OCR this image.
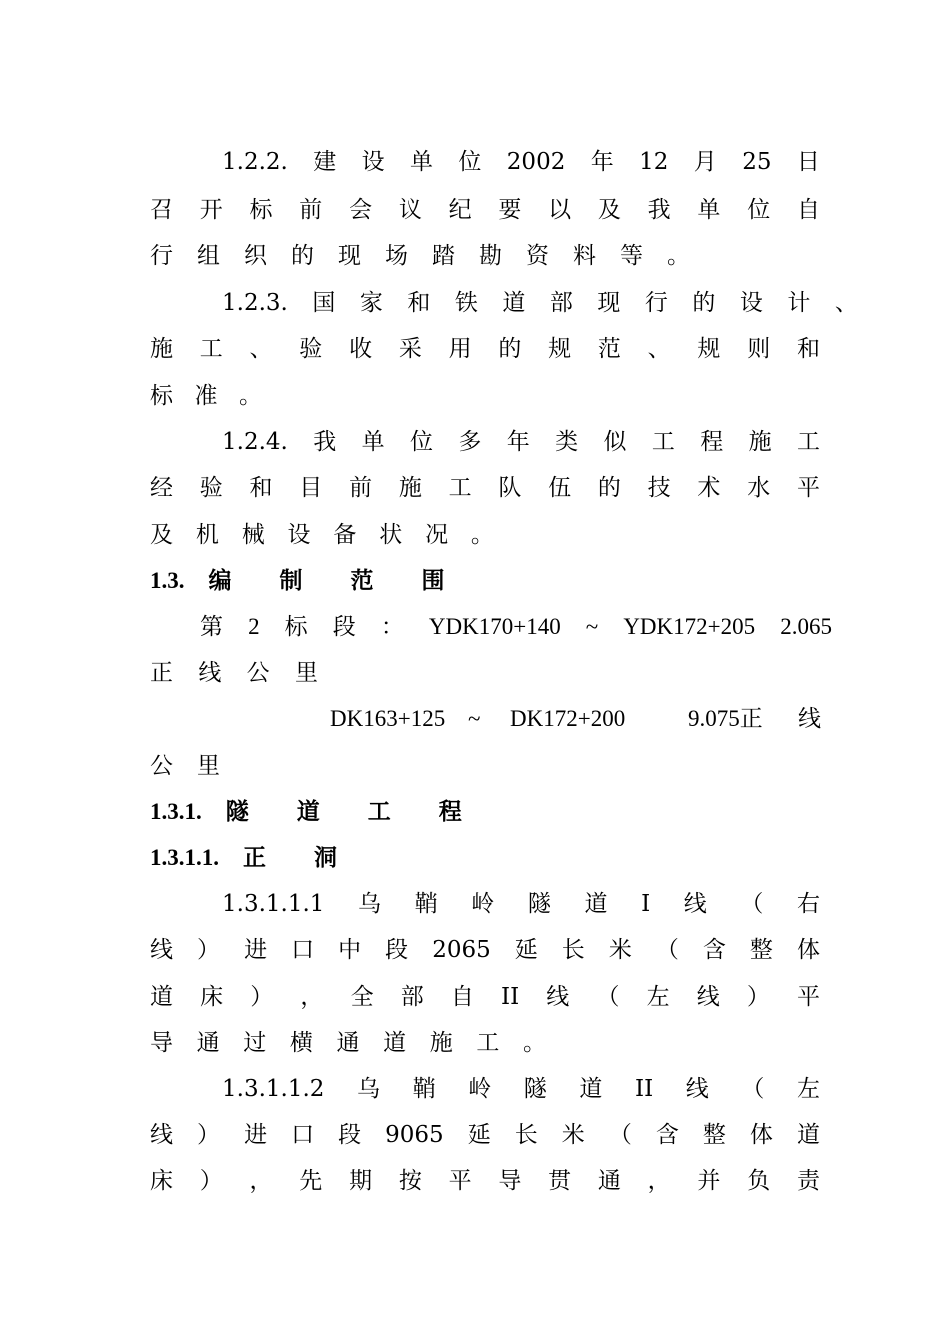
1.2.2. 建 设 单 位 2002 年 12 月 25 日
召 开 标 前 会 议 纪 要 以 及 我 单 位 自
行 组 织 的 现 场 踏 勘 资 料 等 。
1.2.3. 国 家 和 铁 道 部 现 行 的 设 计 、
施 工 、 验 收 采 用 的 规 范 、 规 则 和
标 准 。
1.2.4. 我 单 位 多 年 类 似 工 程 施 工
经 验 和 目 前 施 工 队 伍 的 技 术 水 平
及 机 械 设 备 状 况 。
1.3. 编 制 范 围
第 2 标 段 ： YDK170+140 ~ YDK172+205 2.065
正 线 公 里
DK163+125 ~ DK172+200	9.075正 线
公 里
1.3.1. 隧 道 工 程
1.3.1.1. 正 洞
1.3.1.1.1 乌 鞘 岭 隧 道 I 线 （ 右
线 ） 进 口 中 段 2065 延 长 米 （ 含 整 体
道 床 ） ， 全 部 自 II 线 （ 左 线 ） 平
导 通 过 横 通 道 施 工 。
1.3.1.1.2 乌 鞘 岭 隧 道 II 线 （ 左
线 ） 进 口 段 9065 延 长 米 （ 含 整 体 道
床 ） ， 先 期 按 平 导 贯 通 ， 并 负 责
